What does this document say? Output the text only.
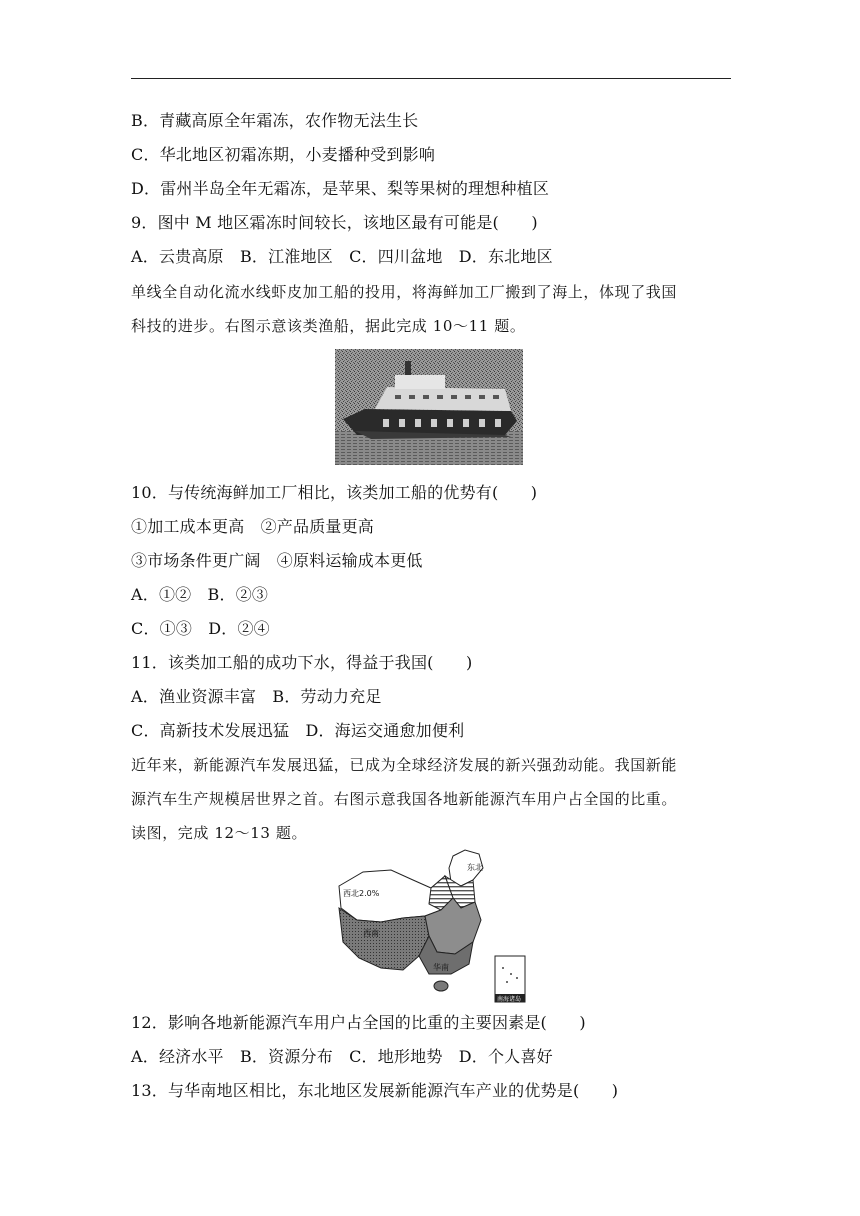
B．青藏高原全年霜冻，农作物无法生长
C．华北地区初霜冻期，小麦播种受到影响
D．雷州半岛全年无霜冻，是苹果、梨等果树的理想种植区
9．图中 M 地区霜冻时间较长，该地区最有可能是(　　)
A．云贵高原　B．江淮地区　C．四川盆地　D．东北地区
单线全自动化流水线虾皮加工船的投用，将海鲜加工厂搬到了海上，体现了我国
科技的进步。右图示意该类渔船，据此完成 10～11 题。
10．与传统海鲜加工厂相比，该类加工船的优势有(　　)
①加工成本更高　②产品质量更高
③市场条件更广阔　④原料运输成本更低
A．①②　B．②③
C．①③　D．②④
11．该类加工船的成功下水，得益于我国(　　)
A．渔业资源丰富　B．劳动力充足
C．高新技术发展迅猛　D．海运交通愈加便利
近年来，新能源汽车发展迅猛，已成为全球经济发展的新兴强劲动能。我国新能
源汽车生产规模居世界之首。右图示意我国各地新能源汽车用户占全国的比重。
读图，完成 12～13 题。
西北2.0%
东北
西南
华南
南海诸岛
12．影响各地新能源汽车用户占全国的比重的主要因素是(　　)
A．经济水平　B．资源分布　C．地形地势　D．个人喜好
13．与华南地区相比，东北地区发展新能源汽车产业的优势是(　　)
